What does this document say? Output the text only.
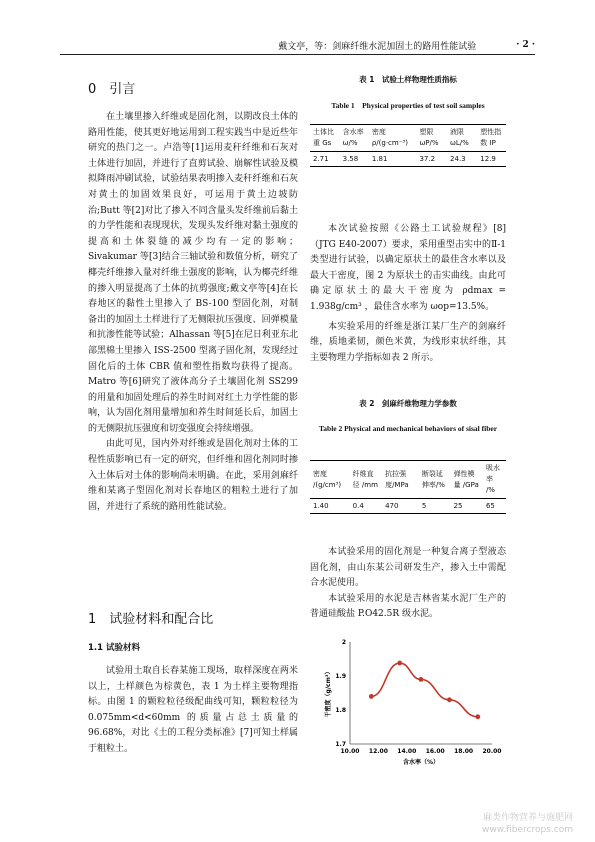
戴文亭，等：剑麻纤维水泥加固土的路用性能试验	· 2 ·
0　引言

在土壤里掺入纤维或是固化剂，以期改良土体的路用性能，使其更好地运用到工程实践当中是近些年研究的热门之一。卢浩等[1]运用麦秆纤维和石灰对土体进行加固，并进行了直剪试验、崩解性试验及模拟降雨冲刷试验，试验结果表明掺入麦秆纤维和石灰对黄土的加固效果良好，可运用于黄土边坡防治;Butt 等[2]对比了掺入不同含量头发纤维前后黏土的力学性能和表现现状，发现头发纤维对黏土强度的提高和土体裂缝的减少均有一定的影响；Sivakumar 等[3]结合三轴试验和数值分析，研究了椰壳纤维掺入量对纤维土强度的影响，认为椰壳纤维的掺入明显提高了土体的抗剪强度;戴文亭等[4]在长春地区的黏性土里掺入了 BS-100 型固化剂，对制备出的加固土土样进行了无侧限抗压强度、回弹模量和抗渗性能等试验；Alhassan 等[5]在尼日利亚东北部黑棉土里掺入 ISS-2500 型离子固化剂，发现经过固化后的土体 CBR 值和塑性指数均获得了提高。Matro 等[6]研究了液体高分子土壤固化剂 SS299 的用量和加固处理后的养生时间对红土力学性能的影响，认为固化剂用量增加和养生时间延长后，加固土的无侧限抗压强度和切变强度会持续增强。

由此可见，国内外对纤维或是固化剂对土体的工程性质影响已有一定的研究，但纤维和固化剂同时掺入土体后对土体的影响尚未明确。在此，采用剑麻纤维和某离子型固化剂对长春地区的粗粒土进行了加固，并进行了系统的路用性能试验。

1　试验材料和配合比
1.1 试验材料

试验用土取自长春某施工现场，取样深度在两米以上，土样颜色为棕黄色，表 1 为土样主要物理指标。由图 1 的颗粒粒径级配曲线可知，颗粒粒径为 0.075mm<d<60mm 的质量占总土质量的 96.68%，对比《土的工程分类标准》[7]可知土样属于粗粒土。

表 1　试验土样物理性质指标
Table 1　Physical properties of test soil samples
土体比重 Gs	含水率 ω/%	密度 ρ/(g·cm⁻³)	塑限 ωP/%	液限 ωL/%	塑性指数 IP
2.71	3.58	1.81	37.2	24.3	12.9

本次试验按照《公路土工试验规程》[8]（JTG E40-2007）要求，采用重型击实中的Ⅱ-1 类型进行试验，以确定原状土的最佳含水率以及最大干密度，图 2 为原状土的击实曲线。由此可确定原状土的最大干密度为 ρdmax = 1.938g/cm³ ，最佳含水率为 ωop=13.5%。

本实验采用的纤维是浙江某厂生产的剑麻纤维，质地柔韧，颜色米黄，为线形束状纤维，其主要物理力学指标如表 2 所示。

表 2　剑麻纤维物理力学参数
Table 2 Physical and mechanical behaviors of sisal fiber
密度 /(g/cm³)	纤维直径 /mm	抗拉强度/MPa	断裂延伸率/%	弹性模量 /GPa	吸水率 /%
1.40	0.4	470	5	25	65

本试验采用的固化剂是一种复合离子型液态固化剂，由山东某公司研发生产，掺入土中需配合水泥使用。

本试验采用的水泥是吉林省某水泥厂生产的普通硅酸盐 P.O42.5R 级水泥。

10.00 12.00 14.00 16.00 18.00 20.00
1.7
1.8
1.9
2
含水率（%）
干密度（g/cm³）
麻类作物营养与施肥网
www.fibercrops.com
